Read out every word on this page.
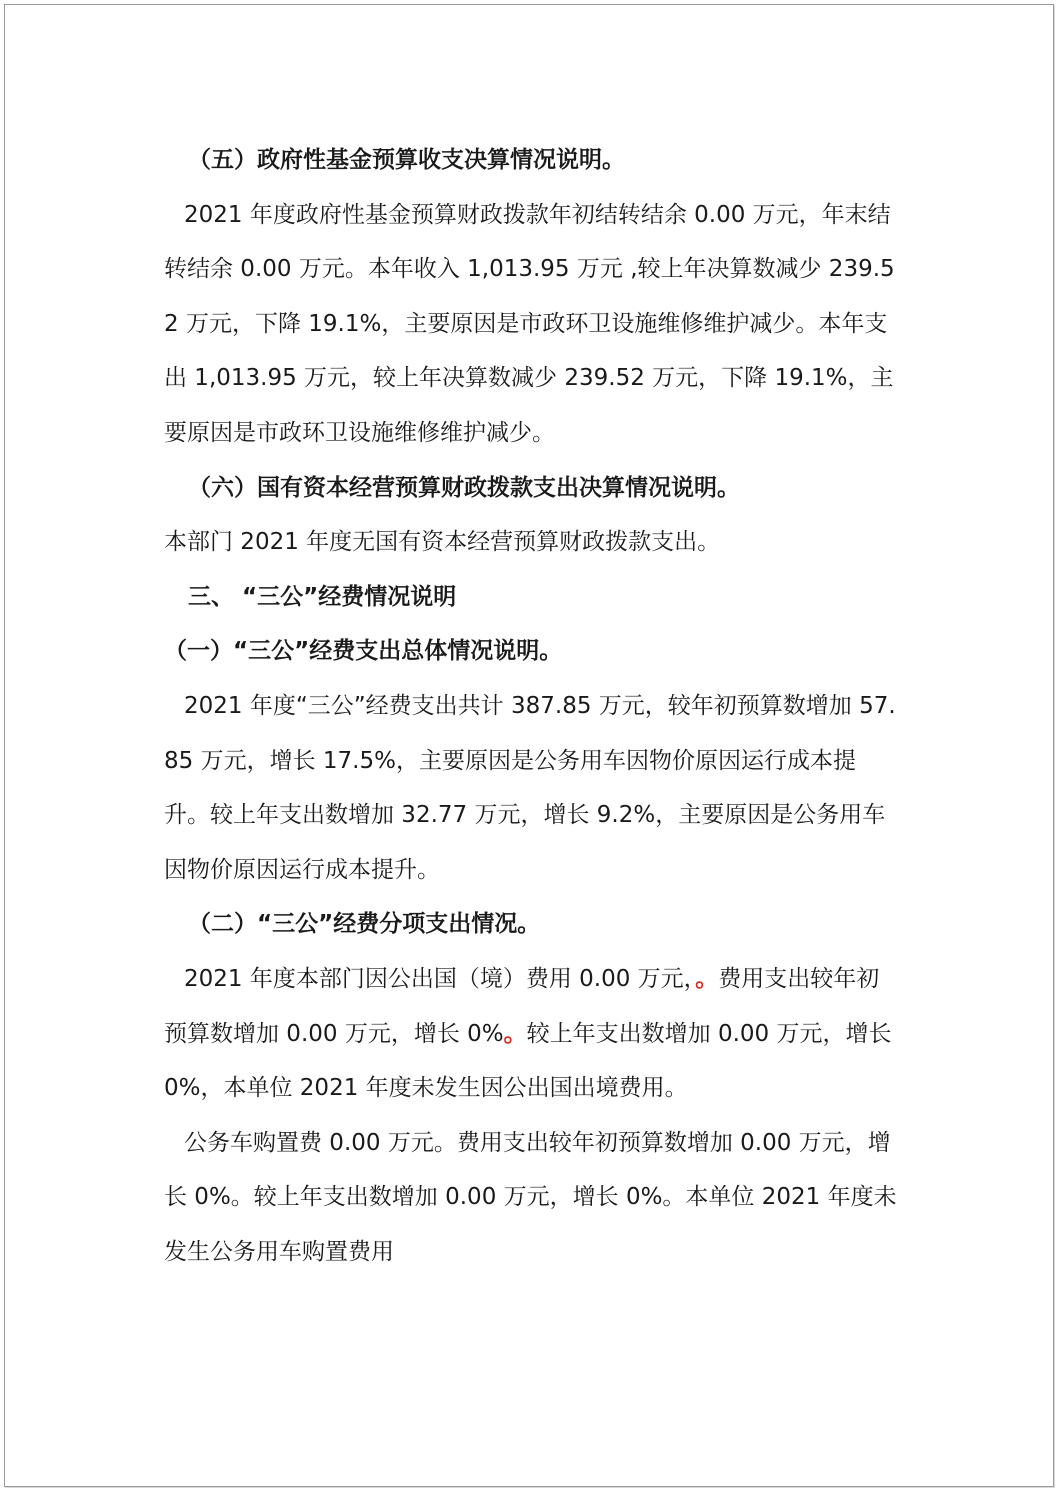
（五）政府性基金预算收支决算情况说明。

2021 年度政府性基金预算财政拨款年初结转结余 0.00 万元，年末结转结余 0.00 万元。本年收入 1,013.95 万元 ,较上年决算数减少 239.52 万元，下降 19.1%，主要原因是市政环卫设施维修维护减少。本年支出 1,013.95 万元，较上年决算数减少 239.52 万元，下降 19.1%，主要原因是市政环卫设施维修维护减少。

（六）国有资本经营预算财政拨款支出决算情况说明。

本部门 2021 年度无国有资本经营预算财政拨款支出。

三、 “三公”经费情况说明

（一）“三公”经费支出总体情况说明。

2021 年度“三公”经费支出共计 387.85 万元，较年初预算数增加 57.85 万元，增长 17.5%，主要原因是公务用车因物价原因运行成本提升。较上年支出数增加 32.77 万元，增长 9.2%，主要原因是公务用车因物价原因运行成本提升。

（二）“三公”经费分项支出情况。

2021 年度本部门因公出国（境）费用 0.00 万元，。费用支出较年初预算数增加 0.00 万元，增长 0%。较上年支出数增加 0.00 万元，增长 0%，本单位 2021 年度未发生因公出国出境费用。

公务车购置费 0.00 万元。费用支出较年初预算数增加 0.00 万元，增长 0%。较上年支出数增加 0.00 万元，增长 0%。本单位 2021 年度未发生公务用车购置费用
